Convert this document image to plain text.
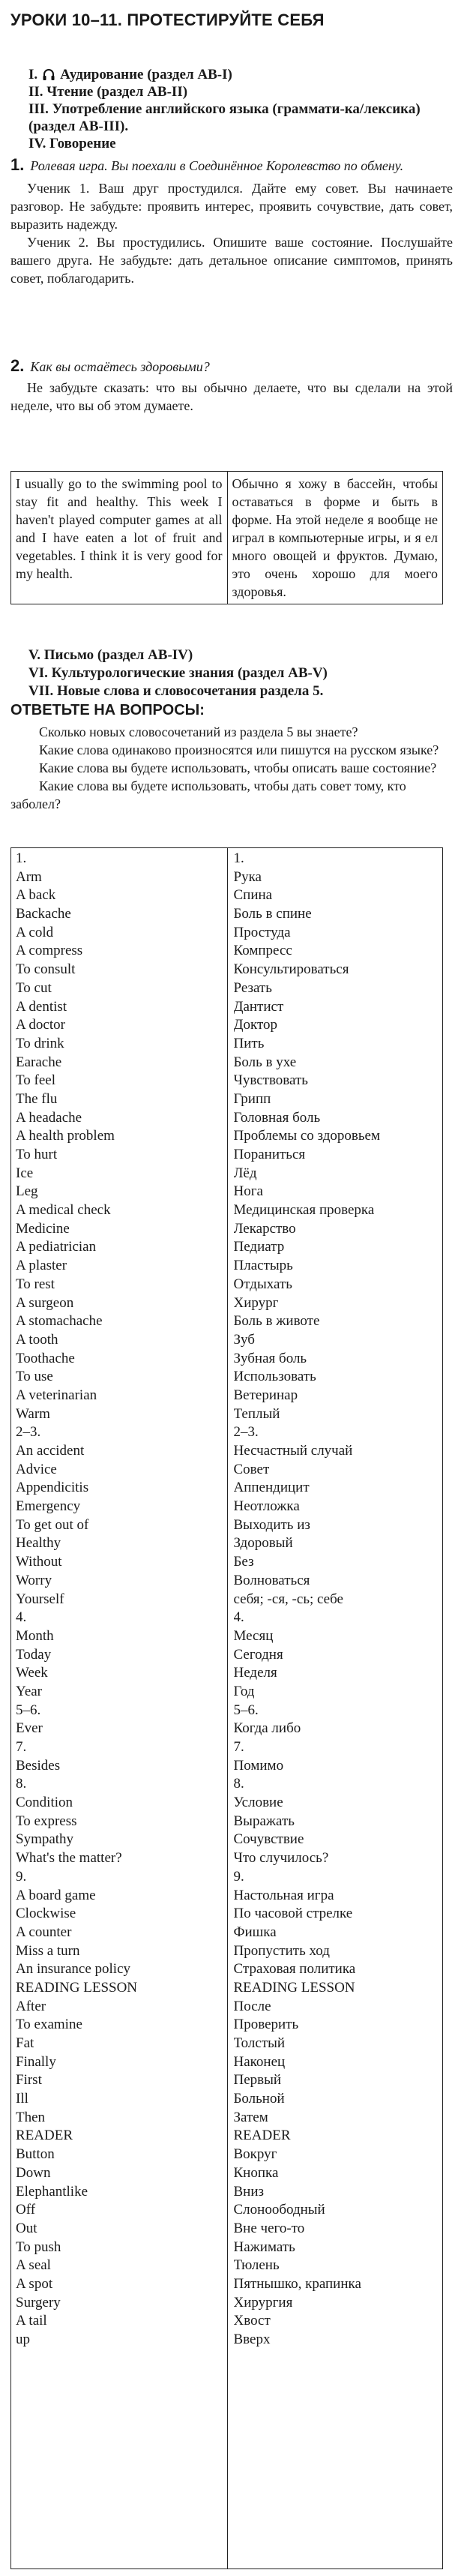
УРОКИ 10–11. ПРОТЕСТИРУЙТЕ СЕБЯ
I. Аудирование (раздел АВ-I)
II. Чтение (раздел АВ-II)
III. Употребление английского языка (граммати-ка/лексика) (раздел АВ-III).
IV. Говорение
1. Ролевая игра. Вы поехали в Соединённое Королевство по обмену.

Ученик 1. Ваш друг простудился. Дайте ему совет. Вы начинаете разговор. Не забудьте: проявить интерес, проявить сочувствие, дать совет, выразить надежду.

Ученик 2. Вы простудились. Опишите ваше состояние. Послушайте вашего друга. Не забудьте: дать детальное описание симптомов, принять совет, поблагодарить.

2. Как вы остаётесь здоровыми?

Не забудьте сказать: что вы обычно делаете, что вы сделали на этой неделе, что вы об этом думаете.

I usually go to the swimming pool to stay fit and healthy. This week I haven't played computer games at all and I have eaten a lot of fruit and vegetables. I think it is very good for my health.
Обычно я хожу в бассейн, чтобы оставаться в форме и быть в форме. На этой неделе я вообще не играл в компьютерные игры, и я ел много овощей и фруктов. Думаю, это очень хорошо для моего здоровья.
V. Письмо (раздел АВ-IV)
VI. Культурологические знания (раздел АВ-V)
VII. Новые слова и словосочетания раздела 5.
ОТВЕТЬТЕ НА ВОПРОСЫ:

Сколько новых словосочетаний из раздела 5 вы знаете?

Какие слова одинаково произносятся или пишутся на русском языке?

Какие слова вы будете использовать, чтобы описать ваше состояние?

Какие слова вы будете использовать, чтобы дать совет тому, кто заболел?

1.
Arm
A back
Backache
A cold
A compress
To consult
To cut
A dentist
A doctor
To drink
Earache
To feel
The flu
A headache
A health problem
To hurt
Ice
Leg
A medical check
Medicine
A pediatrician
A plaster
To rest
A surgeon
A stomachache
A tooth
Toothache
To use
A veterinarian
Warm
2–3.
An accident
Advice
Appendicitis
Emergency
To get out of
Healthy
Without
Worry
Yourself
4.
Month
Today
Week
Year
5–6.
Ever
7.
Besides
8.
Condition
To express
Sympathy
What's the matter?
9.
A board game
Clockwise
A counter
Miss a turn
An insurance policy
READING LESSON
After
To examine
Fat
Finally
First
Ill
Then
READER
Button
Down
Elephantlike
Off
Out
To push
A seal
A spot
Surgery
A tail
up
1.
Рука
Спина
Боль в спине
Простуда
Компресс
Консультироваться
Резать
Дантист
Доктор
Пить
Боль в ухе
Чувствовать
Грипп
Головная боль
Проблемы со здоровьем
Пораниться
Лёд
Нога
Медицинская проверка
Лекарство
Педиатр
Пластырь
Отдыхать
Хирург
Боль в животе
Зуб
Зубная боль
Использовать
Ветеринар
Теплый
2–3.
Несчастный случай
Совет
Аппендицит
Неотложка
Выходить из
Здоровый
Без
Волноваться
себя; -ся, -сь; себе
4.
Месяц
Сегодня
Неделя
Год
5–6.
Когда либо
7.
Помимо
8.
Условие
Выражать
Сочувствие
Что случилось?
9.
Настольная игра
По часовой стрелке
Фишка
Пропустить ход
Страховая политика
READING LESSON
После
Проверить
Толстый
Наконец
Первый
Больной
Затем
READER
Вокруг
Кнопка
Вниз
Слоноободный
Вне чего-то
Нажимать
Тюлень
Пятнышко, крапинка
Хирургия
Хвост
Вверх
